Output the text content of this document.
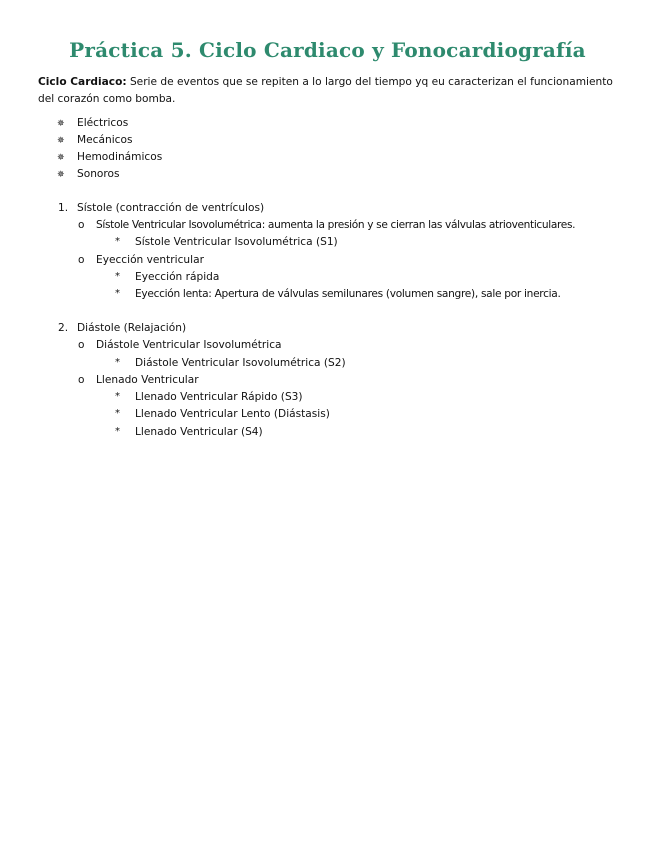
Práctica 5. Ciclo Cardiaco y Fonocardiografía
Ciclo Cardiaco: Serie de eventos que se repiten a lo largo del tiempo yq eu caracterizan el funcionamiento del corazón como bomba.
✵ Eléctricos
✵ Mecánicos
✵ Hemodinámicos
✵ Sonoros
1. Sístole (contracción de ventrículos)
o Sístole Ventricular Isovolumétrica: aumenta la presión y se cierran las válvulas atrioventiculares.
* Sístole Ventricular Isovolumétrica (S1)
o Eyección ventricular
* Eyección rápida
* Eyección lenta: Apertura de válvulas semilunares (volumen sangre), sale por inercia.
2. Diástole (Relajación)
o Diástole Ventricular Isovolumétrica
* Diástole Ventricular Isovolumétrica (S2)
o Llenado Ventricular
* Llenado Ventricular Rápido (S3)
* Llenado Ventricular Lento (Diástasis)
* Llenado Ventricular (S4)
